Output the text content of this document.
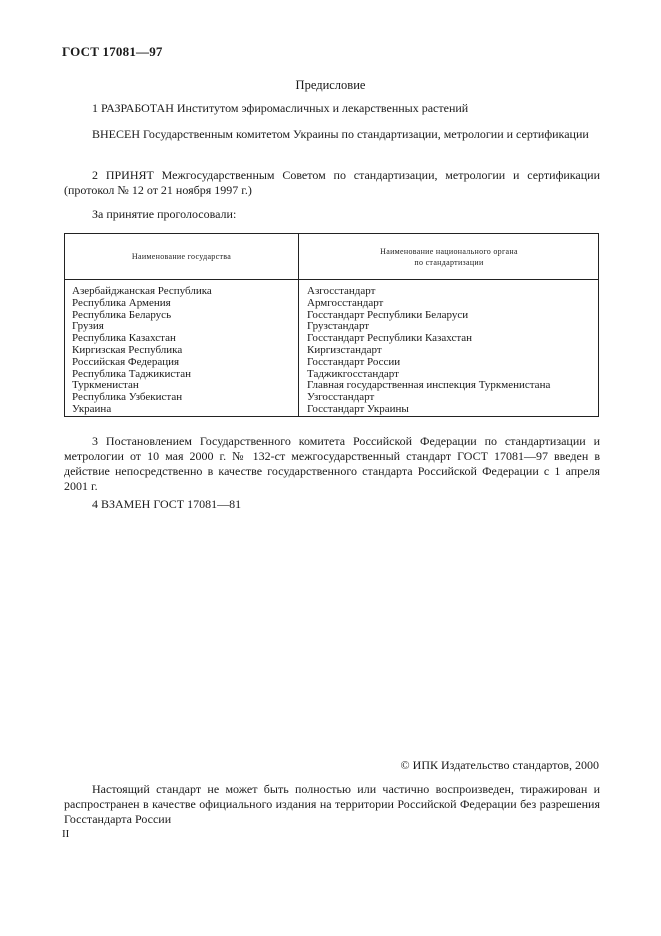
ГОСТ 17081—97
Предисловие
1 РАЗРАБОТАН Институтом эфиромасличных и лекарственных растений
ВНЕСЕН Государственным комитетом Украины по стандартизации, метрологии и сертификации
2 ПРИНЯТ Межгосударственным Советом по стандартизации, метрологии и сертификации (протокол № 12 от 21 ноября 1997 г.)
За принятие проголосовали:
Наименование государства
Наименование национального органа
по стандартизации
Азербайджанская Республика
Республика Армения
Республика Беларусь
Грузия
Республика Казахстан
Киргизская Республика
Российская Федерация
Республика Таджикистан
Туркменистан
Республика Узбекистан
Украина
Азгосстандарт
Армгосстандарт
Госстандарт Республики Беларуси
Грузстандарт
Госстандарт Республики Казахстан
Киргизстандарт
Госстандарт России
Таджикгосстандарт
Главная государственная инспекция Туркменистана
Узгосстандарт
Госстандарт Украины
3 Постановлением Государственного комитета Российской Федерации по стандартизации и метрологии от 10 мая 2000 г. № 132-ст межгосударственный стандарт ГОСТ 17081—97 введен в действие непосредственно в качестве государственного стандарта Российской Федерации с 1 апреля 2001 г.
4 ВЗАМЕН ГОСТ 17081—81
© ИПК Издательство стандартов, 2000
Настоящий стандарт не может быть полностью или частично воспроизведен, тиражирован и распространен в качестве официального издания на территории Российской Федерации без разрешения Госстандарта России
II
